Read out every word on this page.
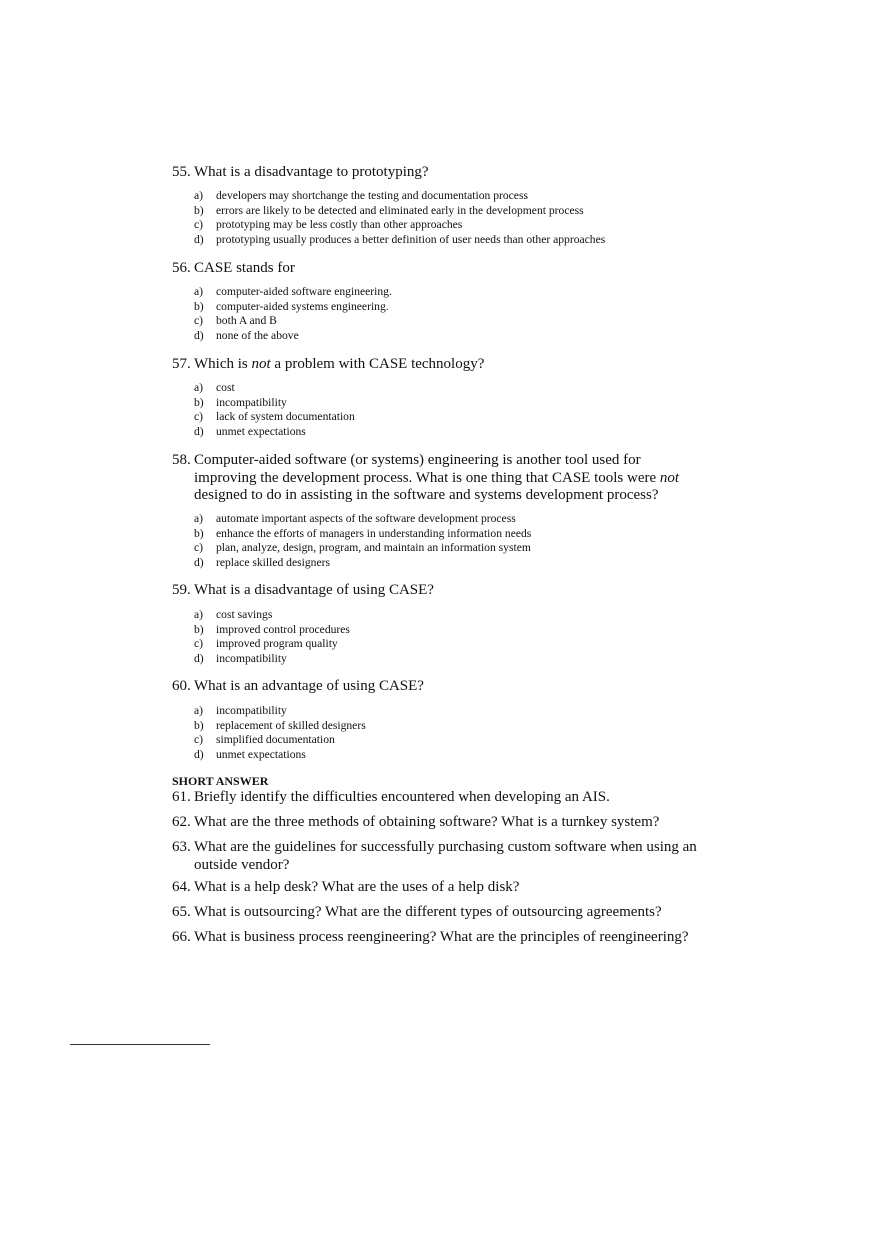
55. What is a disadvantage to prototyping?
a) developers may shortchange the testing and documentation process
b) errors are likely to be detected and eliminated early in the development process
c) prototyping may be less costly than other approaches
d) prototyping usually produces a better definition of user needs than other approaches
56. CASE stands for
a) computer-aided software engineering.
b) computer-aided systems engineering.
c) both A and B
d) none of the above
57. Which is not a problem with CASE technology?
a) cost
b) incompatibility
c) lack of system documentation
d) unmet expectations
58. Computer-aided software (or systems) engineering is another tool used for improving the development process. What is one thing that CASE tools were not designed to do in assisting in the software and systems development process?
a) automate important aspects of the software development process
b) enhance the efforts of managers in understanding information needs
c) plan, analyze, design, program, and maintain an information system
d) replace skilled designers
59. What is a disadvantage of using CASE?
a) cost savings
b) improved control procedures
c) improved program quality
d) incompatibility
60. What is an advantage of using CASE?
a) incompatibility
b) replacement of skilled designers
c) simplified documentation
d) unmet expectations
SHORT ANSWER
61. Briefly identify the difficulties encountered when developing an AIS.
62. What are the three methods of obtaining software? What is a turnkey system?
63. What are the guidelines for successfully purchasing custom software when using an outside vendor?
64. What is a help desk? What are the uses of a help disk?
65. What is outsourcing? What are the different types of outsourcing agreements?
66. What is business process reengineering? What are the principles of reengineering?
